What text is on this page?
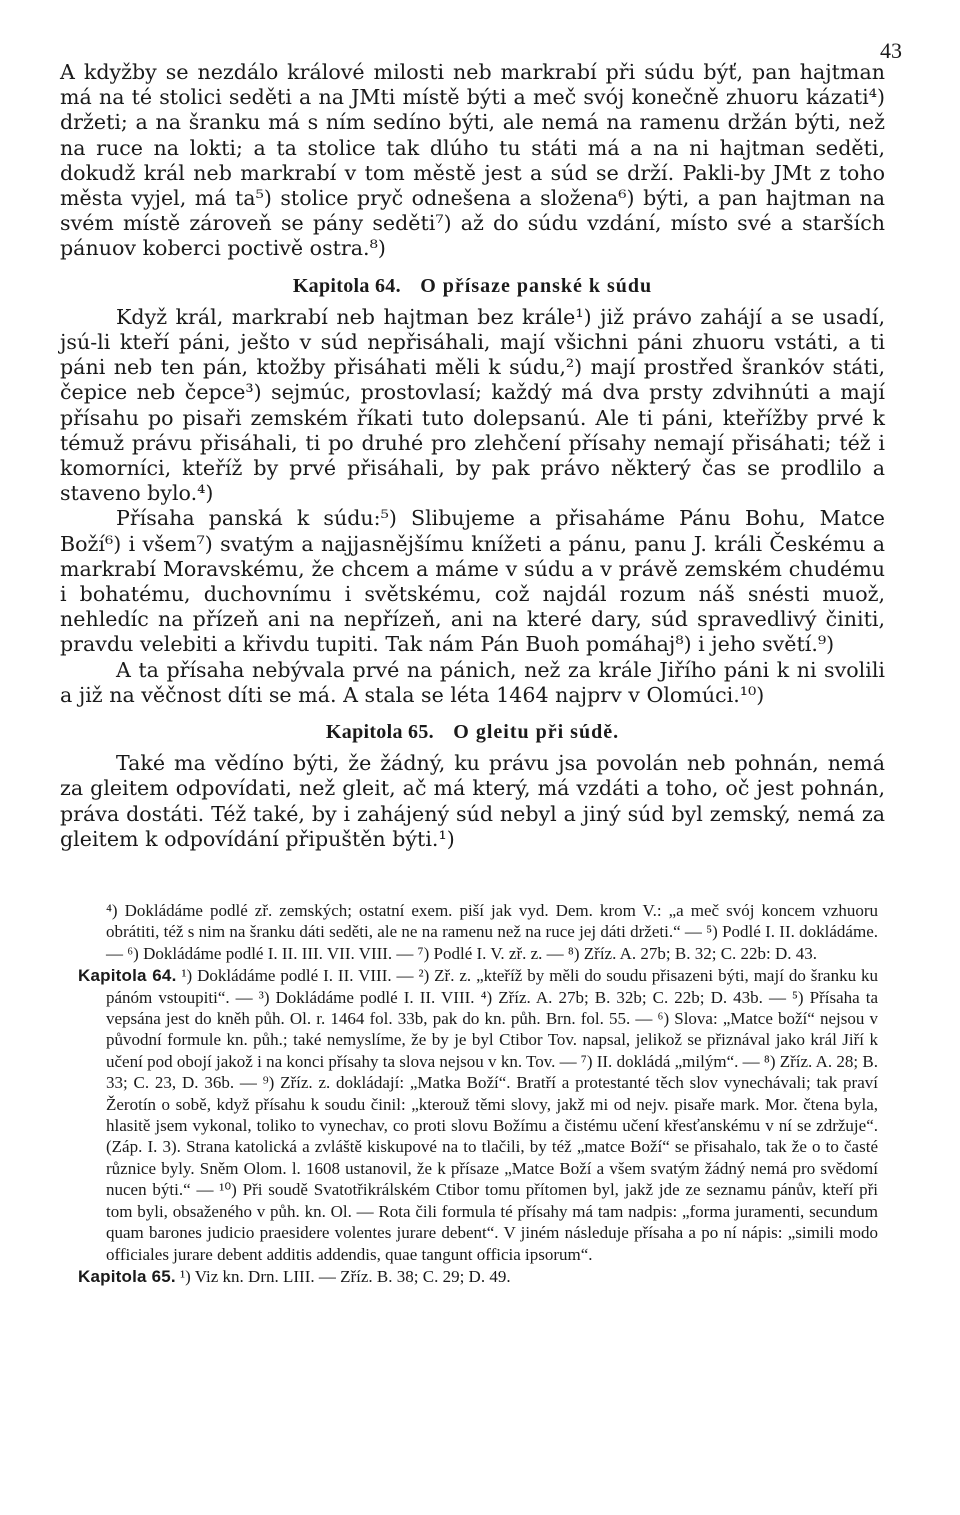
43

A kdyžby se nezdálo králové milosti neb markrabí při súdu býť, pan hajtman má na té stolici seděti a na JMti místě býti a meč svój konečně zhuoru kázati⁴) držeti; a na šranku má s ním sedíno býti, ale nemá na ramenu držán býti, než na ruce na lokti; a ta stolice tak dlúho tu státi má a na ni hajtman seděti, dokudž král neb markrabí v tom městě jest a súd se drží. Pakli-by JMt z toho města vyjel, má ta⁵) stolice pryč odnešena a složena⁶) býti, a pan hajtman na svém místě zároveň se pány seděti⁷) až do súdu vzdání, místo své a starších pánuov koberci poctivě ostra.⁸)

Kapitola 64. O přísaze panské k súdu

Když král, markrabí neb hajtman bez krále¹) již právo zahájí a se usadí, jsú-li kteří páni, ješto v súd nepřisáhali, mají všichni páni zhuoru vstáti, a ti páni neb ten pán, ktožby přisáhati měli k súdu,²) mají prostřed šrankóv státi, čepice neb čepce³) sejmúc, prostovlasí; každý má dva prsty zdvihnúti a mají přísahu po pisaři zemském říkati tuto dolepsanú. Ale ti páni, kteřížby prvé k témuž právu přisáhali, ti po druhé pro zlehčení přísahy nemají přisáhati; též i komorníci, kteříž by prvé přisáhali, by pak právo některý čas se prodlilo a staveno bylo.⁴)

Přísaha panská k súdu:⁵) Slibujeme a přisaháme Pánu Bohu, Matce Boží⁶) i všem⁷) svatým a najjasnějšímu knížeti a pánu, panu J. králi Českému a markrabí Moravskému, že chcem a máme v súdu a v právě zemském chudému i bohatému, duchovnímu i světskému, což najdál rozum náš snésti muož, nehledíc na přízeň ani na nepřízeň, ani na které dary, súd spravedlivý činiti, pravdu velebiti a křivdu tupiti. Tak nám Pán Buoh pomáhaj⁸) i jeho světí.⁹)

A ta přísaha nebývala prvé na pánich, než za krále Jiřího páni k ni svolili a již na věčnost díti se má. A stala se léta 1464 najprv v Olomúci.¹⁰)

Kapitola 65. O gleitu při súdě.

Také ma vědíno býti, že žádný, ku právu jsa povolán neb pohnán, nemá za gleitem odpovídati, než gleit, ač má který, má vzdáti a toho, oč jest pohnán, práva dostáti. Též také, by i zahájený súd nebyl a jiný súd byl zemský, nemá za gleitem k odpovídání připuštěn býti.¹)

⁴) Dokládáme podlé zř. zemských; ostatní exem. piší jak vyd. Dem. krom V.: „a meč svój koncem vzhuoru obrátiti, též s nim na šranku dáti seděti, ale ne na ramenu než na ruce jej dáti držeti.“ — ⁵) Podlé I. II. dokládáme. — ⁶) Dokládáme podlé I. II. III. VII. VIII. — ⁷) Podlé I. V. zř. z. — ⁸) Zříz. A. 27b; B. 32; C. 22b: D. 43.

Kapitola 64. ¹) Dokládáme podlé I. II. VIII. — ²) Zř. z. „kteříž by měli do soudu přisazeni býti, mají do šranku ku pánóm vstoupiti“. — ³) Dokládáme podlé I. II. VIII. ⁴) Zříz. A. 27b; B. 32b; C. 22b; D. 43b. — ⁵) Přísaha ta vepsána jest do kněh půh. Ol. r. 1464 fol. 33b, pak do kn. půh. Brn. fol. 55. — ⁶) Slova: „Matce boží“ nejsou v původní formule kn. půh.; také nemyslíme, že by je byl Ctibor Tov. napsal, jelikož se přiznával jako král Jiří k učení pod obojí jakož i na konci přísahy ta slova nejsou v kn. Tov. — ⁷) II. dokládá „milým“. — ⁸) Zříz. A. 28; B. 33; C. 23, D. 36b. — ⁹) Zříz. z. dokládají: „Matka Boží“. Bratří a protestanté těch slov vynechávali; tak praví Žerotín o sobě, když přísahu k soudu činil: „kterouž těmi slovy, jakž mi od nejv. pisaře mark. Mor. čtena byla, hlasitě jsem vykonal, toliko to vynechav, co proti slovu Božímu a čistému učení křesťanskému v ní se zdržuje“. (Záp. I. 3). Strana katolická a zvláště kiskupové na to tlačili, by též „matce Boží“ se přisahalo, tak že o to časté různice byly. Sněm Olom. l. 1608 ustanovil, že k přísaze „Matce Boží a všem svatým žádný nemá pro svědomí nucen býti.“ — ¹⁰) Při soudě Svatotřikrálském Ctibor tomu přítomen byl, jakž jde ze seznamu pánův, kteří při tom byli, obsaženého v půh. kn. Ol. — Rota čili formula té přísahy má tam nadpis: „forma juramenti, secundum quam barones judicio praesidere volentes jurare debent“. V jiném následuje přísaha a po ní nápis: „simili modo officiales jurare debent additis addendis, quae tangunt officia ipsorum“.

Kapitola 65. ¹) Viz kn. Drn. LIII. — Zříz. B. 38; C. 29; D. 49.
